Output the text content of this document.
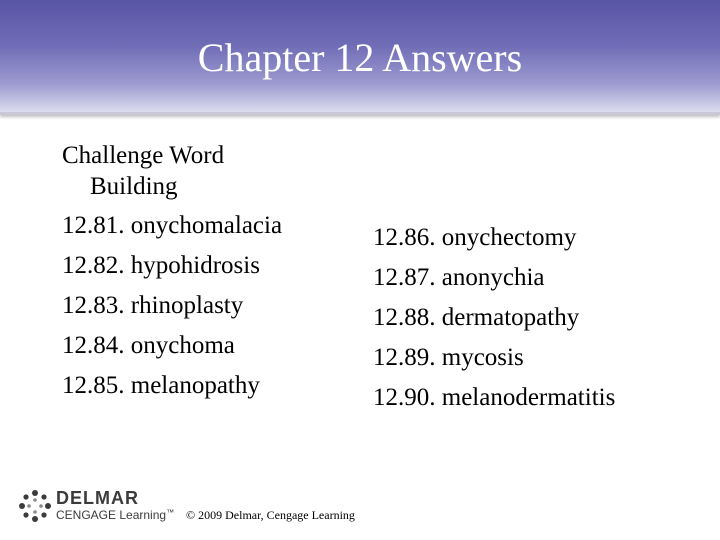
Chapter 12 Answers
Challenge Word
Building
12.81. onychomalacia
12.82. hypohidrosis
12.83. rhinoplasty
12.84. onychoma
12.85. melanopathy
12.86. onychectomy
12.87. anonychia
12.88. dermatopathy
12.89. mycosis
12.90. melanodermatitis
DELMAR
CENGAGE Learning™ © 2009 Delmar, Cengage Learning
